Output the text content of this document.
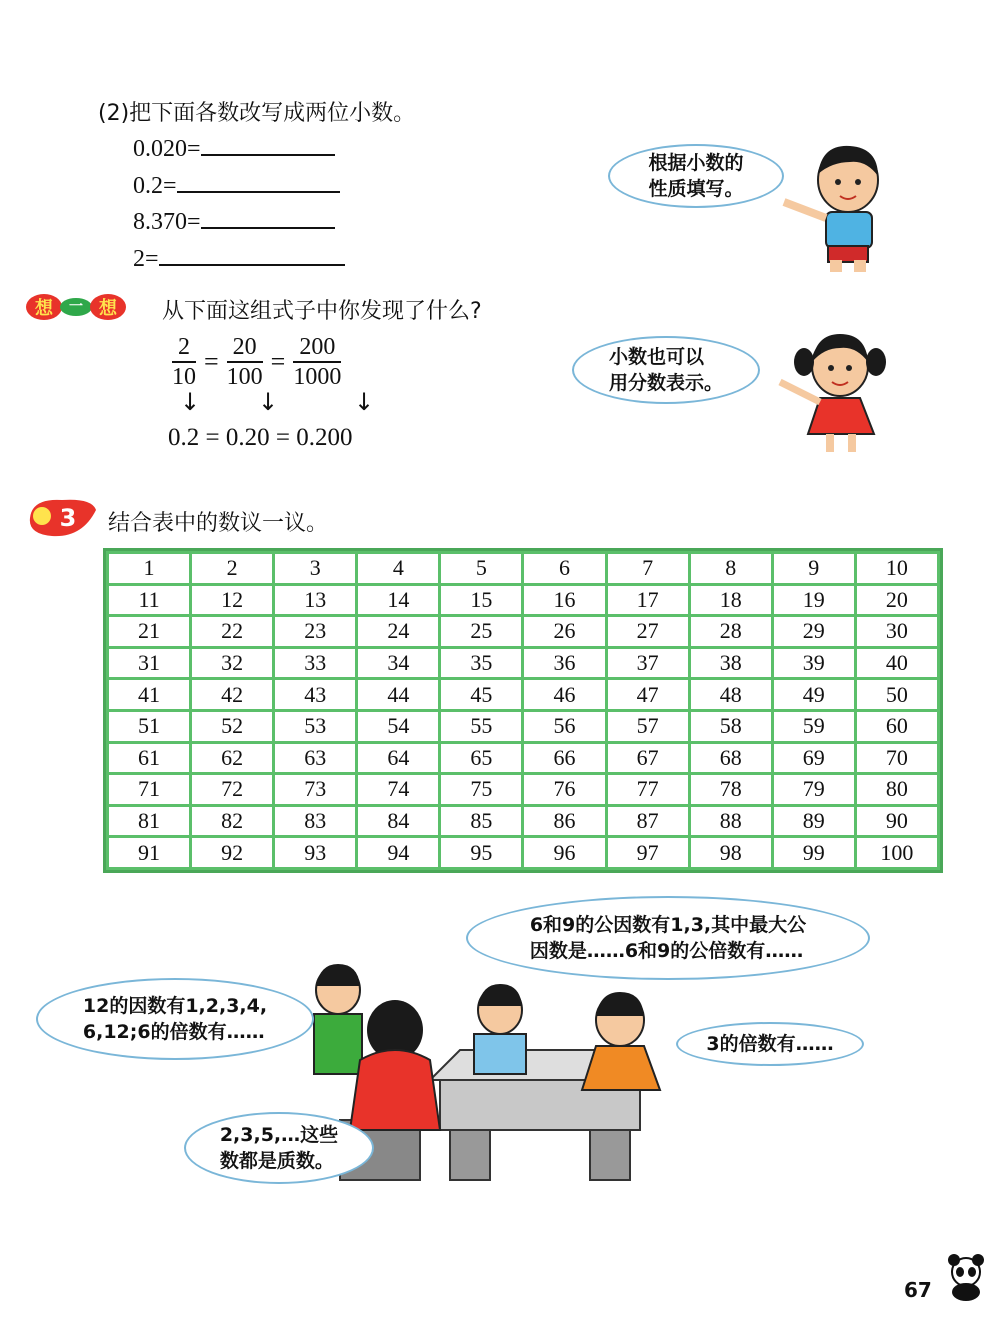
(2)把下面各数改写成两位小数。
0.020=
0.2=
8.370=
2=
根据小数的
性质填写。
想 一 想 从下面这组式子中你发现了什么?
$\frac{2}{10} = \frac{20}{100} = \frac{200}{1000}$
↓ ↓	↓
0.2 = 0.20 = 0.200
小数也可以
用分数表示。
3 结合表中的数议一议。
1	2	3	4	5	6	7	8	9	10
11	12	13	14	15	16	17	18	19	20
21	22	23	24	25	26	27	28	29	30
31	32	33	34	35	36	37	38	39	40
41	42	43	44	45	46	47	48	49	50
51	52	53	54	55	56	57	58	59	60
61	62	63	64	65	66	67	68	69	70
71	72	73	74	75	76	77	78	79	80
81	82	83	84	85	86	87	88	89	90
91	92	93	94	95	96	97	98	99	100
6和9的公因数有1,3,其中最大公
因数是……6和9的公倍数有……
12的因数有1,2,3,4,
6,12;6的倍数有……
3的倍数有……
2,3,5,…这些
数都是质数。
67
